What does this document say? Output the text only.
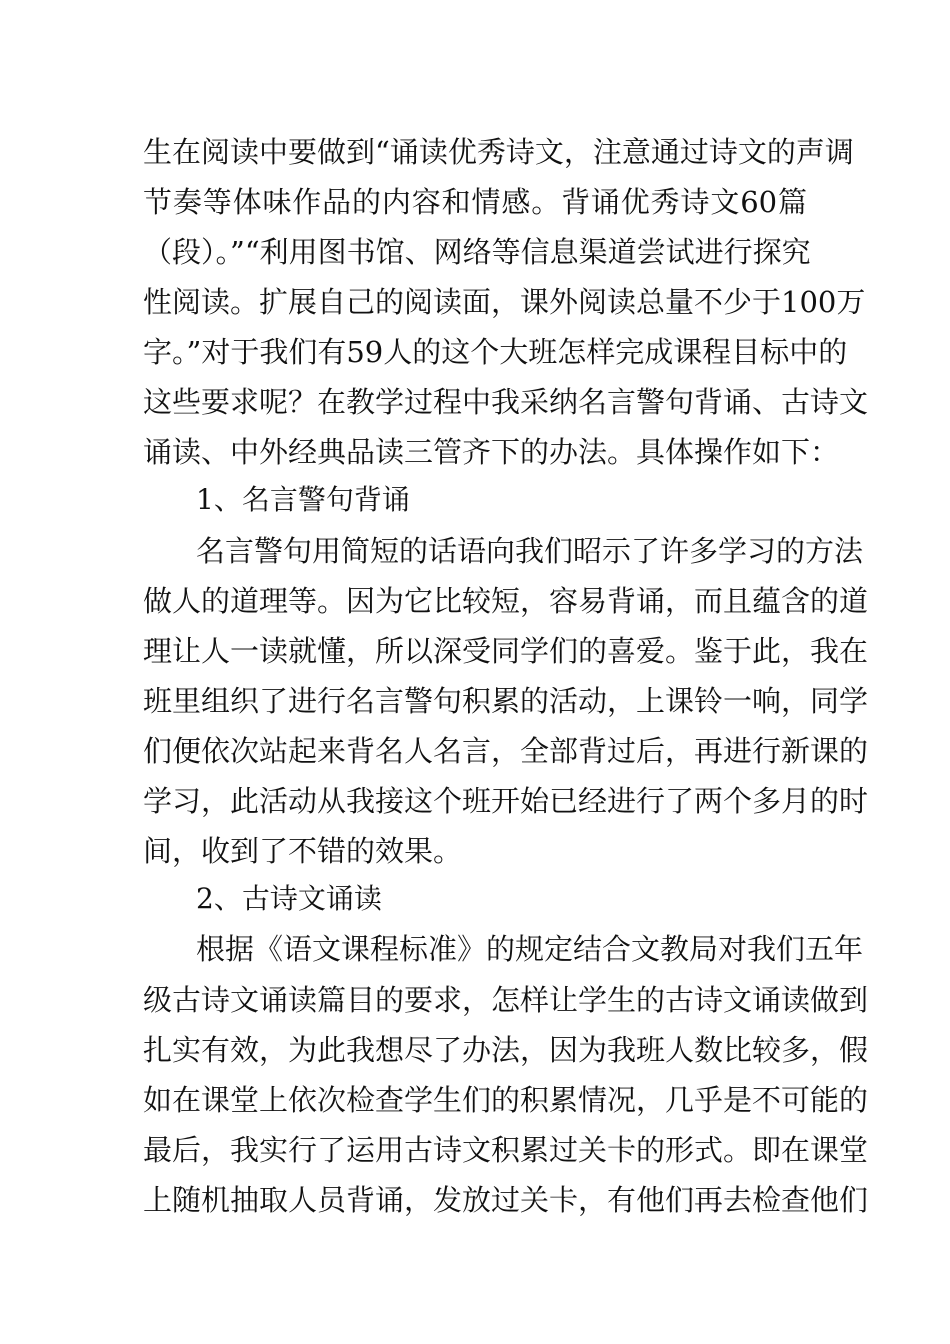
生在阅读中要做到“诵读优秀诗文，注意通过诗文的声调
节奏等体味作品的内容和情感。背诵优秀诗文60篇
（段）。”“利用图书馆、网络等信息渠道尝试进行探究
性阅读。扩展自己的阅读面，课外阅读总量不少于100万
字。”对于我们有59人的这个大班怎样完成课程目标中的
这些要求呢？在教学过程中我采纳名言警句背诵、古诗文
诵读、中外经典品读三管齐下的办法。具体操作如下：
1、名言警句背诵
名言警句用简短的话语向我们昭示了许多学习的方法
做人的道理等。因为它比较短，容易背诵，而且蕴含的道
理让人一读就懂，所以深受同学们的喜爱。鉴于此，我在
班里组织了进行名言警句积累的活动，上课铃一响，同学
们便依次站起来背名人名言，全部背过后，再进行新课的
学习，此活动从我接这个班开始已经进行了两个多月的时
间，收到了不错的效果。
2、古诗文诵读
根据《语文课程标准》的规定结合文教局对我们五年
级古诗文诵读篇目的要求，怎样让学生的古诗文诵读做到
扎实有效，为此我想尽了办法，因为我班人数比较多，假
如在课堂上依次检查学生们的积累情况，几乎是不可能的
最后，我实行了运用古诗文积累过关卡的形式。即在课堂
上随机抽取人员背诵，发放过关卡，有他们再去检查他们
